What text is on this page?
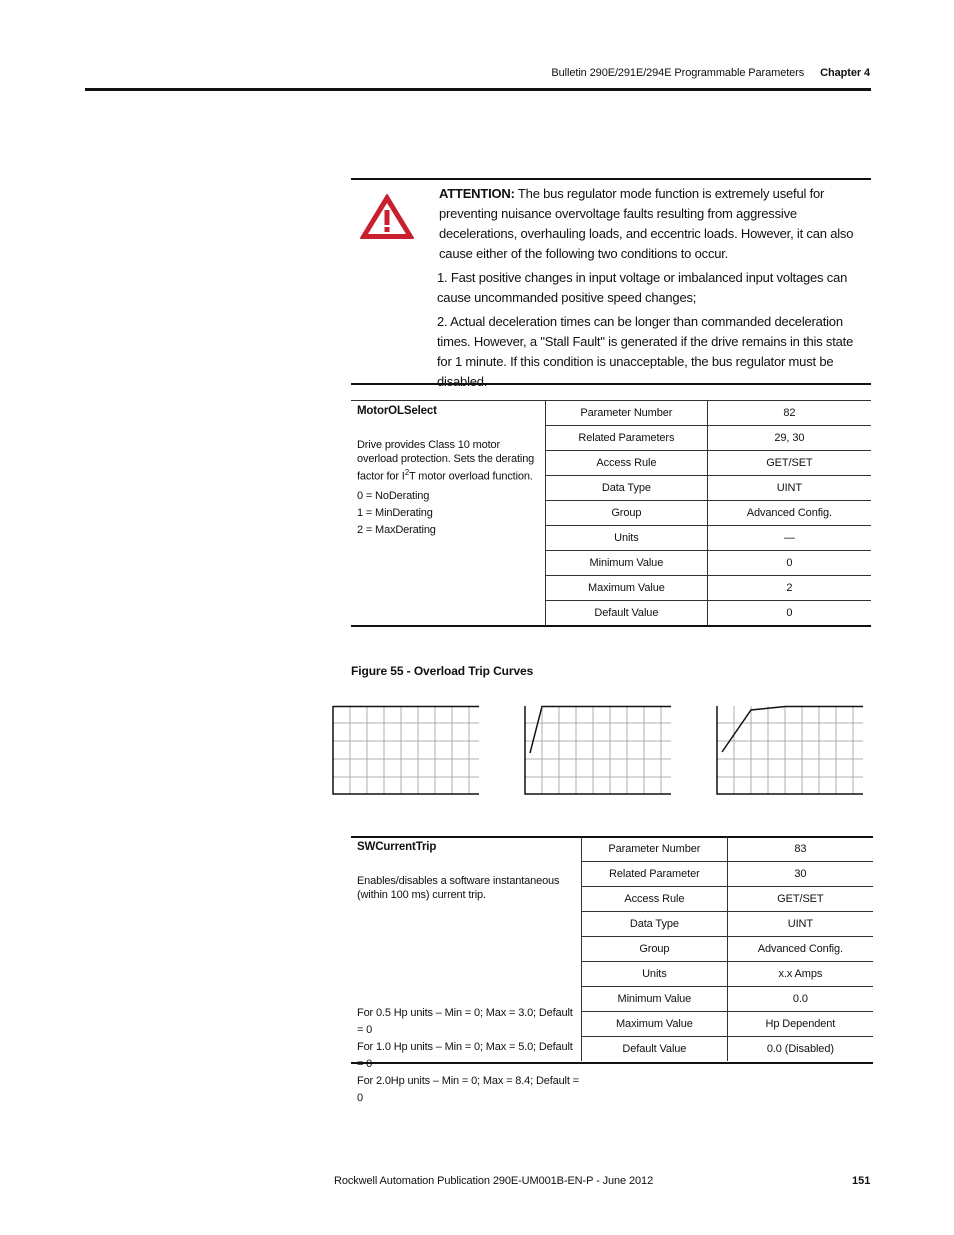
Bulletin 290E/291E/294E Programmable Parameters Chapter 4
ATTENTION: The bus regulator mode function is extremely useful for preventing nuisance overvoltage faults resulting from aggressive decelerations, overhauling loads, and eccentric loads. However, it can also cause either of the following two conditions to occur.
1. Fast positive changes in input voltage or imbalanced input voltages can cause uncommanded positive speed changes;
2. Actual deceleration times can be longer than commanded deceleration times. However, a "Stall Fault" is generated if the drive remains in this state for 1 minute. If this condition is unacceptable, the bus regulator must be disabled.
MotorOLSelect
Drive provides Class 10 motor overload protection. Sets the derating factor for $I^2T$ motor overload function.
0 = NoDerating
1 = MinDerating
2 = MaxDerating
Parameter Number	82
Related Parameters	29, 30
Access Rule	GET/SET
Data Type	UINT
Group	Advanced Config.
Units	—
Minimum Value	0
Maximum Value	2
Default Value	0
Figure 55 - Overload Trip Curves
SWCurrentTrip
Enables/disables a software instantaneous (within 100 ms) current trip.
For 0.5 Hp units – Min = 0; Max = 3.0; Default = 0
For 1.0 Hp units – Min = 0; Max = 5.0; Default = 0
For 2.0Hp units – Min = 0; Max = 8.4; Default = 0
Parameter Number	83
Related Parameter	30
Access Rule	GET/SET
Data Type	UINT
Group	Advanced Config.
Units	x.x Amps
Minimum Value	0.0
Maximum Value	Hp Dependent
Default Value	0.0 (Disabled)
Rockwell Automation Publication 290E-UM001B-EN-P - June 2012	151
